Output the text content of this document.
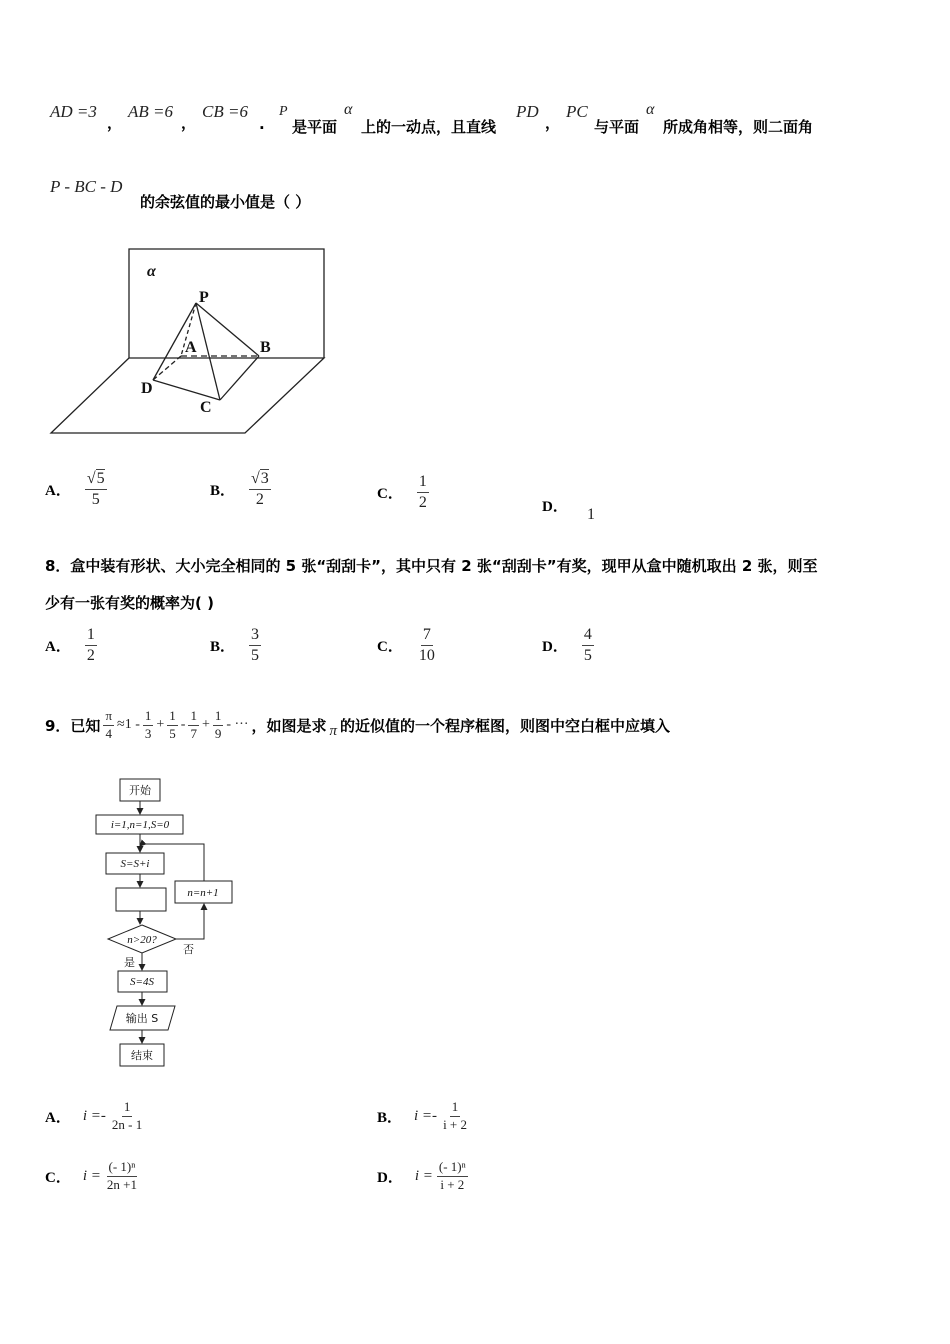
AD =3
，
AB =6
，
CB =6
.
P
是平面
α
上的一动点，且直线
PD
，
PC
与平面
α
所成角相等，则二面角
P - BC - D
的余弦值的最小值是（ ）
α
P
A	B
C
D
A． $\frac{√5}{5}$	B． $\frac{√3}{2}$	C． $\frac{1}{2}$	D． 1
8．盒中装有形状、大小完全相同的 5 张“刮刮卡”，其中只有 2 张“刮刮卡”有奖，现甲从盒中随机取出 2 张，则至
少有一张有奖的概率为( )
A． $\frac{1}{2}$	B． $\frac{3}{5}$	C． $\frac{7}{10}$	D． $\frac{4}{5}$
9．已知 $\frac{\pi}{4} \approx 1 - \frac{1}{3} + \frac{1}{5} - \frac{1}{7} + \frac{1}{9}$ - ··· ，如图是求 π 的近似值的一个程序框图，则图中空白框中应填入
开始
i=1,n=1,S=0
S=S+i
n=n+1
n>20?
否
是
S=4S
输出 S
结束
A． $i =- \frac{1}{2n - 1}$	B． $i =- \frac{1}{i + 2}$
C． $i = \frac{\text{(- 1)ⁿ}}{2n +1}$	D． $i = \frac{\text{(- 1)ⁿ}}{i + 2}$
